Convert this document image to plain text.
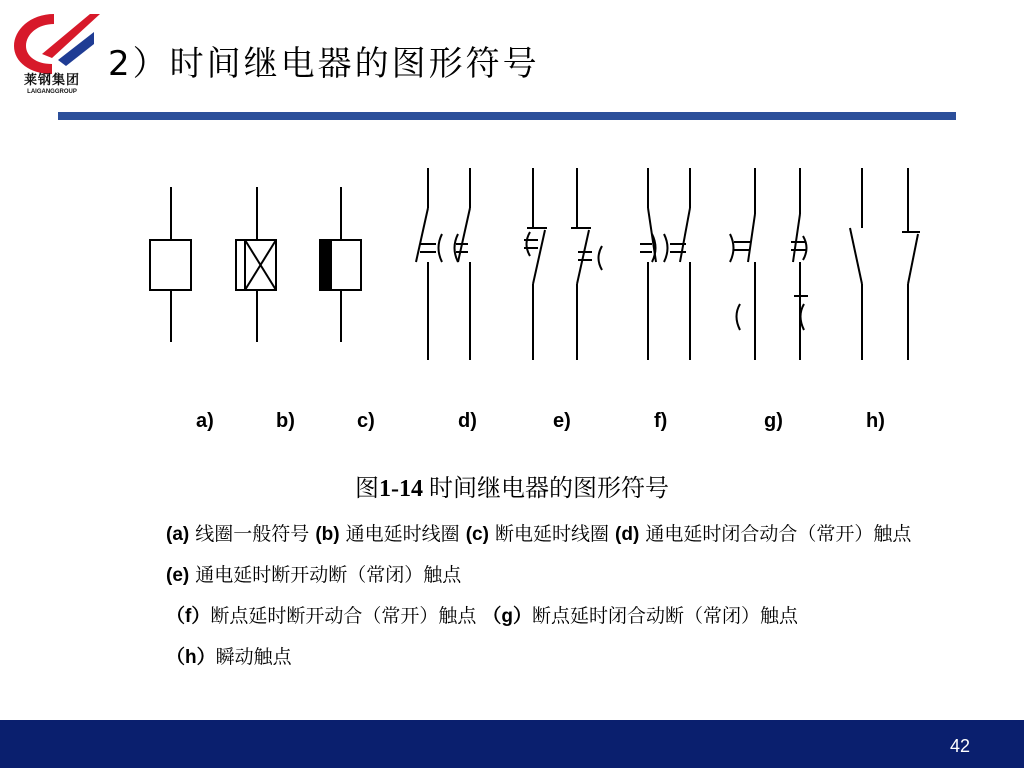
莱钢集团
LAIGANGGROUP
2）时间继电器的图形符号
a)	b)	c)	d)	e)	f)	g)	h)
图1-14 时间继电器的图形符号
(a) 线圈一般符号 (b) 通电延时线圈 (c) 断电延时线圈 (d) 通电延时闭合动合（常开）触点 (e) 通电延时断开动断（常闭）触点
（f）断点延时断开动合（常开）触点 （g）断点延时闭合动断（常闭）触点
（h）瞬动触点
42
